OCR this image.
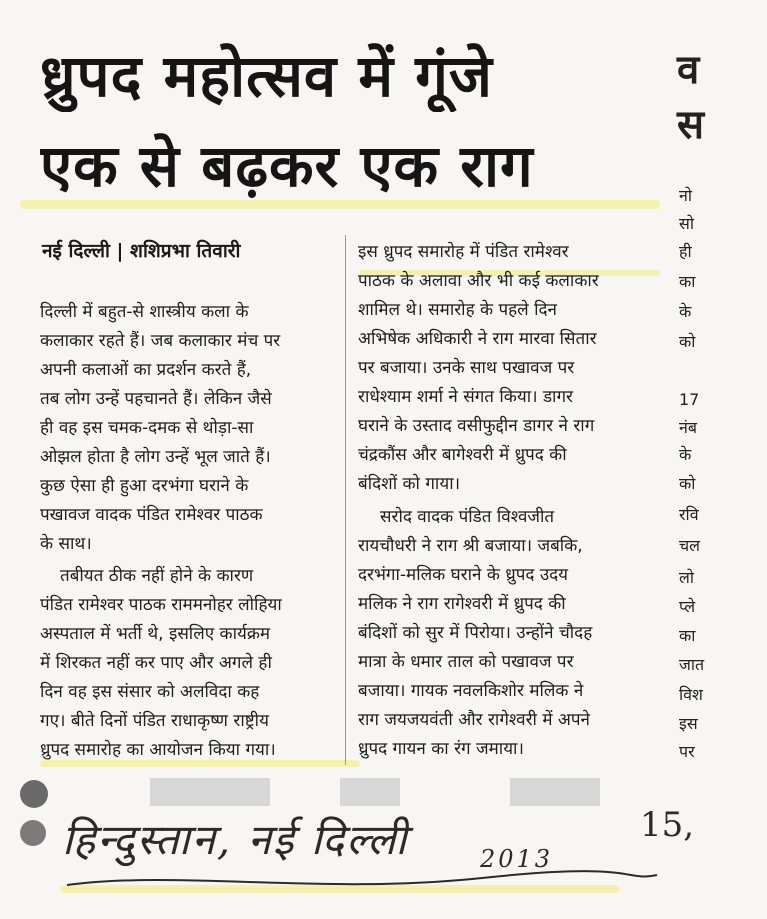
ध्रुपद महोत्सव में गूंजे
एक से बढ़कर एक राग
नई दिल्ली | शशिप्रभा तिवारी
दिल्ली में बहुत-से शास्त्रीय कला के
कलाकार रहते हैं। जब कलाकार मंच पर
अपनी कलाओं का प्रदर्शन करते हैं,
तब लोग उन्हें पहचानते हैं। लेकिन जैसे
ही वह इस चमक-दमक से थोड़ा-सा
ओझल होता है लोग उन्हें भूल जाते हैं।
कुछ ऐसा ही हुआ दरभंगा घराने के
पखावज वादक पंडित रामेश्वर पाठक
के साथ।
तबीयत ठीक नहीं होने के कारण
पंडित रामेश्वर पाठक राममनोहर लोहिया
अस्पताल में भर्ती थे, इसलिए कार्यक्रम
में शिरकत नहीं कर पाए और अगले ही
दिन वह इस संसार को अलविदा कह
गए। बीते दिनों पंडित राधाकृष्ण राष्ट्रीय
ध्रुपद समारोह का आयोजन किया गया।
इस ध्रुपद समारोह में पंडित रामेश्वर
पाठक के अलावा और भी कई कलाकार
शामिल थे। समारोह के पहले दिन
अभिषेक अधिकारी ने राग मारवा सितार
पर बजाया। उनके साथ पखावज पर
राधेश्याम शर्मा ने संगत किया। डागर
घराने के उस्ताद वसीफुद्दीन डागर ने राग
चंद्रकौंस और बागेश्वरी में ध्रुपद की
बंदिशों को गाया।
सरोद वादक पंडित विश्वजीत
रायचौधरी ने राग श्री बजाया। जबकि,
दरभंगा-मलिक घराने के ध्रुपद उदय
मलिक ने राग रागेश्वरी में ध्रुपद की
बंदिशों को सुर में पिरोया। उन्होंने चौदह
मात्रा के धमार ताल को पखावज पर
बजाया। गायक नवलकिशोर मलिक ने
राग जयजयवंती और रागेश्वरी में अपने
ध्रुपद गायन का रंग जमाया।
व
स
नो
सो
ही
का
के
को
17
नंब
के
को
रवि
चल
लो
प्ले
का
जात
विश
इस
पर
हिन्दुस्तान, नई दिल्ली	15,
2013
